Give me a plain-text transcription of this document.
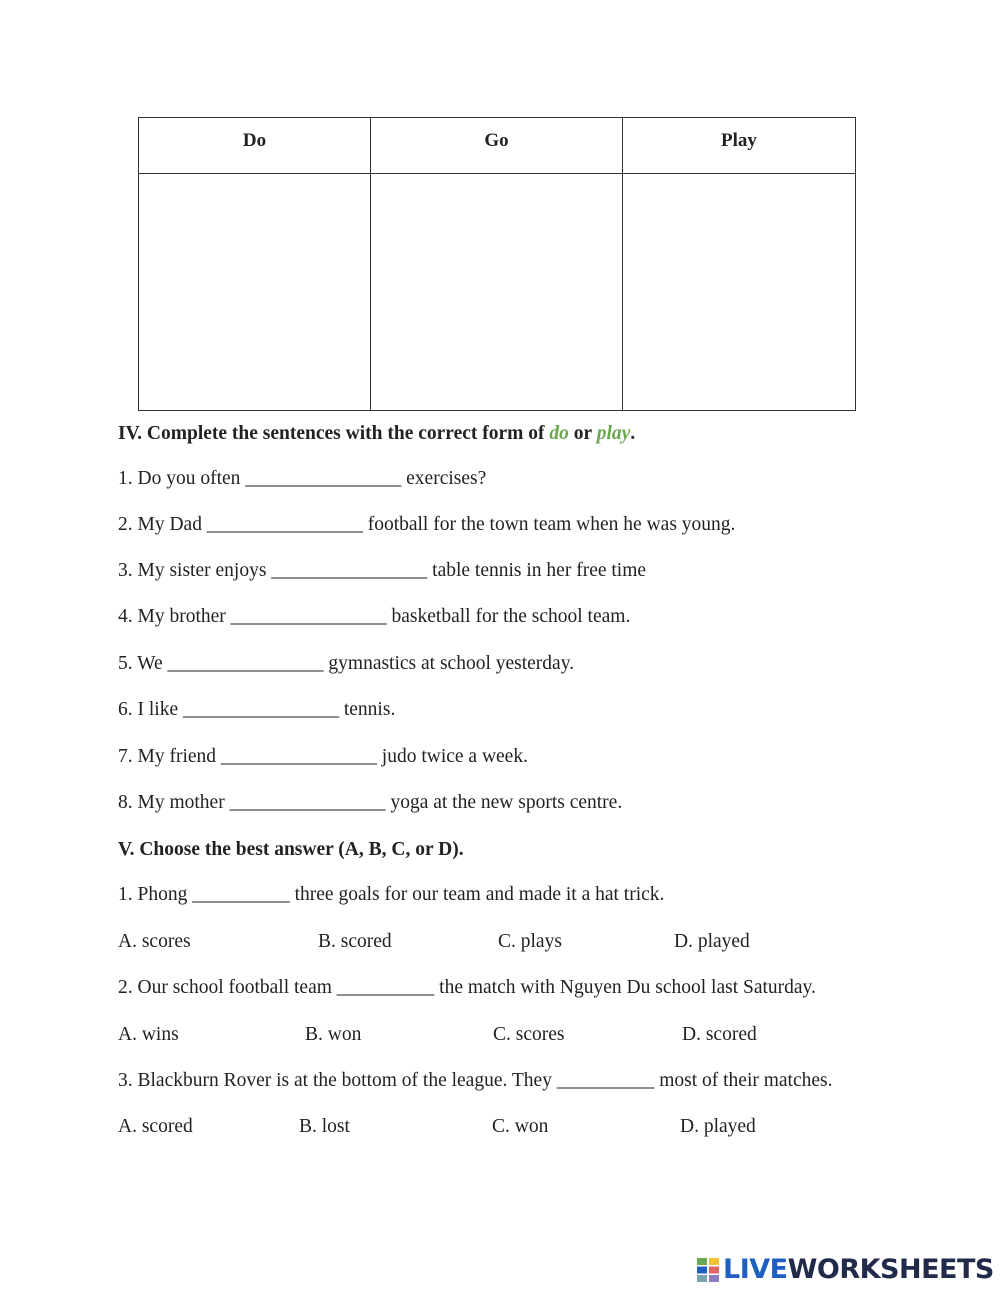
Do	Go	Play

IV. Complete the sentences with the correct form of do or play.
1. Do you often ________________ exercises?
2. My Dad ________________ football for the town team when he was young.
3. My sister enjoys ________________ table tennis in her free time
4. My brother ________________ basketball for the school team.
5. We ________________ gymnastics at school yesterday.
6. I like ________________ tennis.
7. My friend ________________ judo twice a week.
8. My mother ________________ yoga at the new sports centre.
V. Choose the best answer (A, B, C, or D).
1. Phong __________ three goals for our team and made it a hat trick.
A. scores	B. scored	C. plays	D. played
2. Our school football team __________ the match with Nguyen Du school last Saturday.
A. wins	B. won	C. scores	D. scored
3. Blackburn Rover is at the bottom of the league. They __________ most of their matches.
A. scored	B. lost	C. won	D. played
LIVEWORKSHEETS
